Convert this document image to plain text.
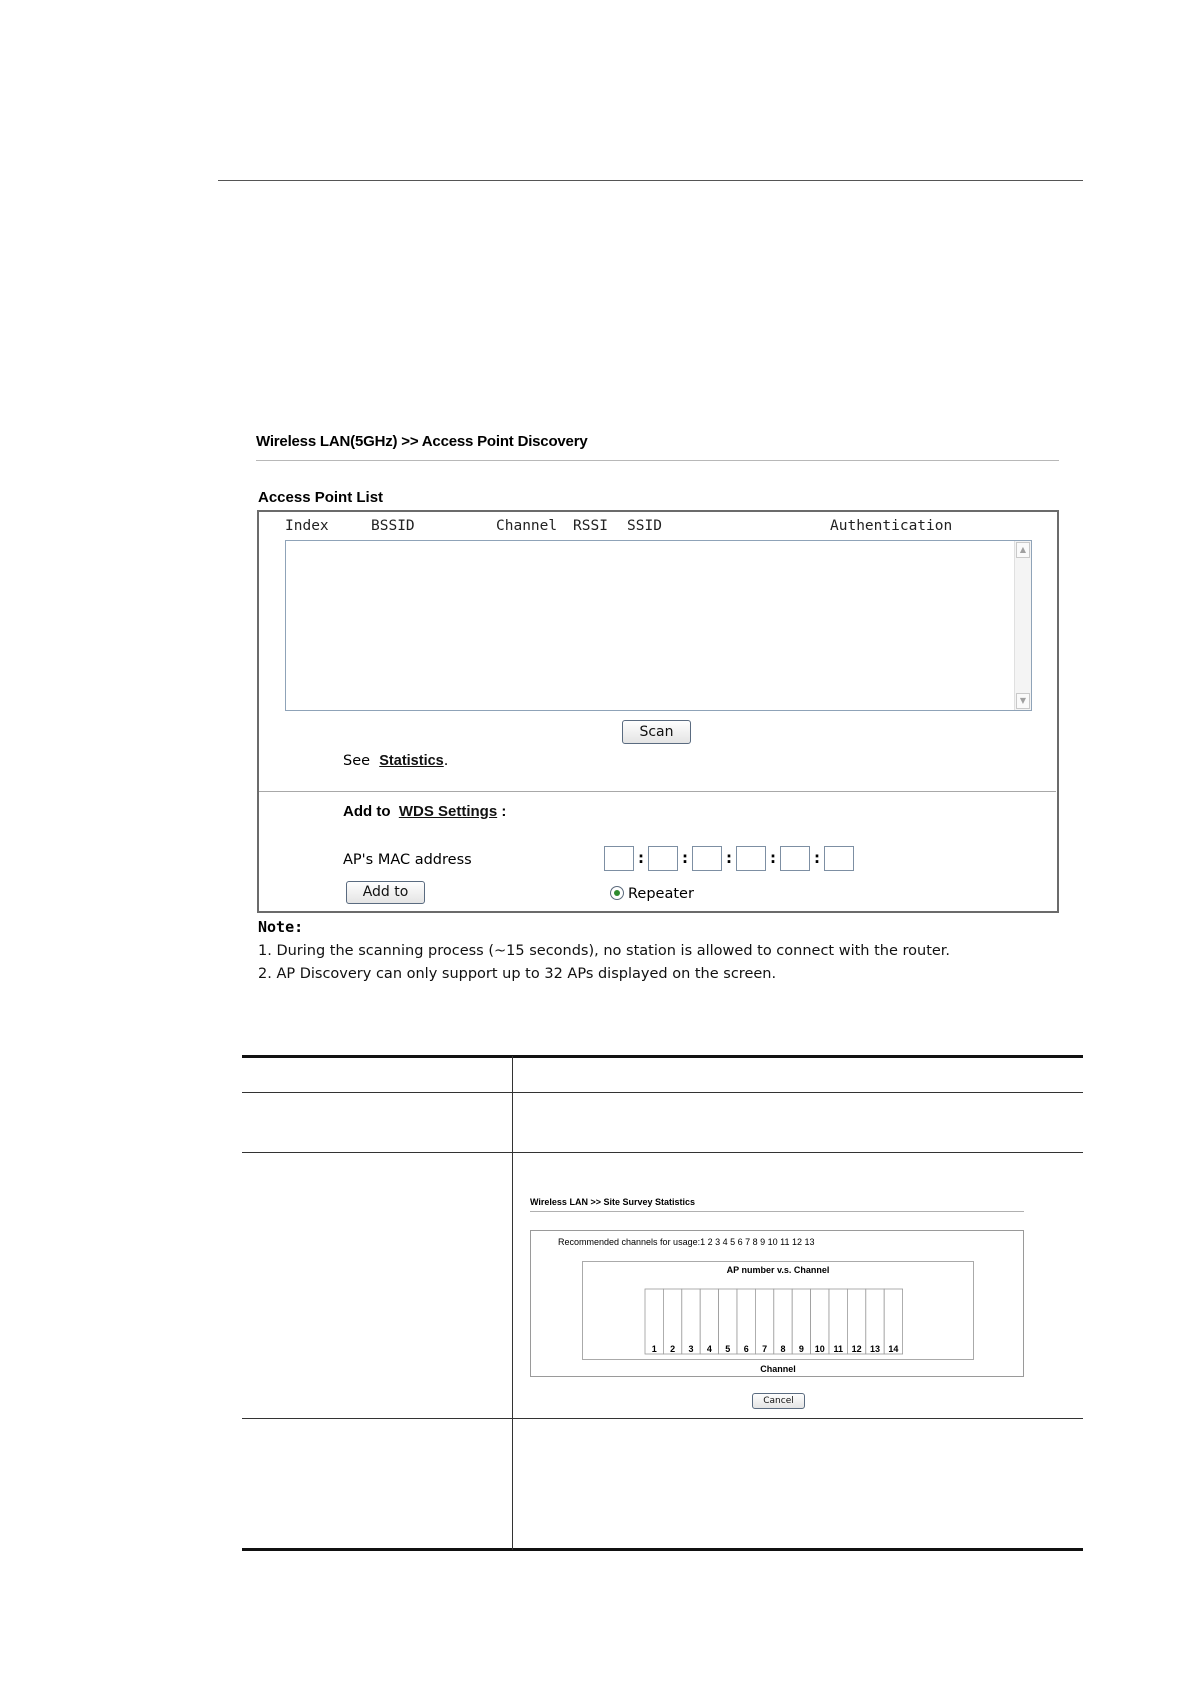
Wireless LAN(5GHz) >> Access Point Discovery
Access Point List
Index	BSSID	Channel RSSI SSID	Authentication
▲
▼
Scan
See Statistics.
Add to WDS Settings :
AP's MAC address	:	:	:	:	:
Add to	Repeater
Note:
1. During the scanning process (~15 seconds), no station is allowed to connect with the router.
2. AP Discovery can only support up to 32 APs displayed on the screen.
Wireless LAN >> Site Survey Statistics
Recommended channels for usage:1 2 3 4 5 6 7 8 9 10 11 12 13
AP number v.s. Channel
1 2 3 4 5 6 7 8 9 10 11 12 13 14
Channel
Cancel
